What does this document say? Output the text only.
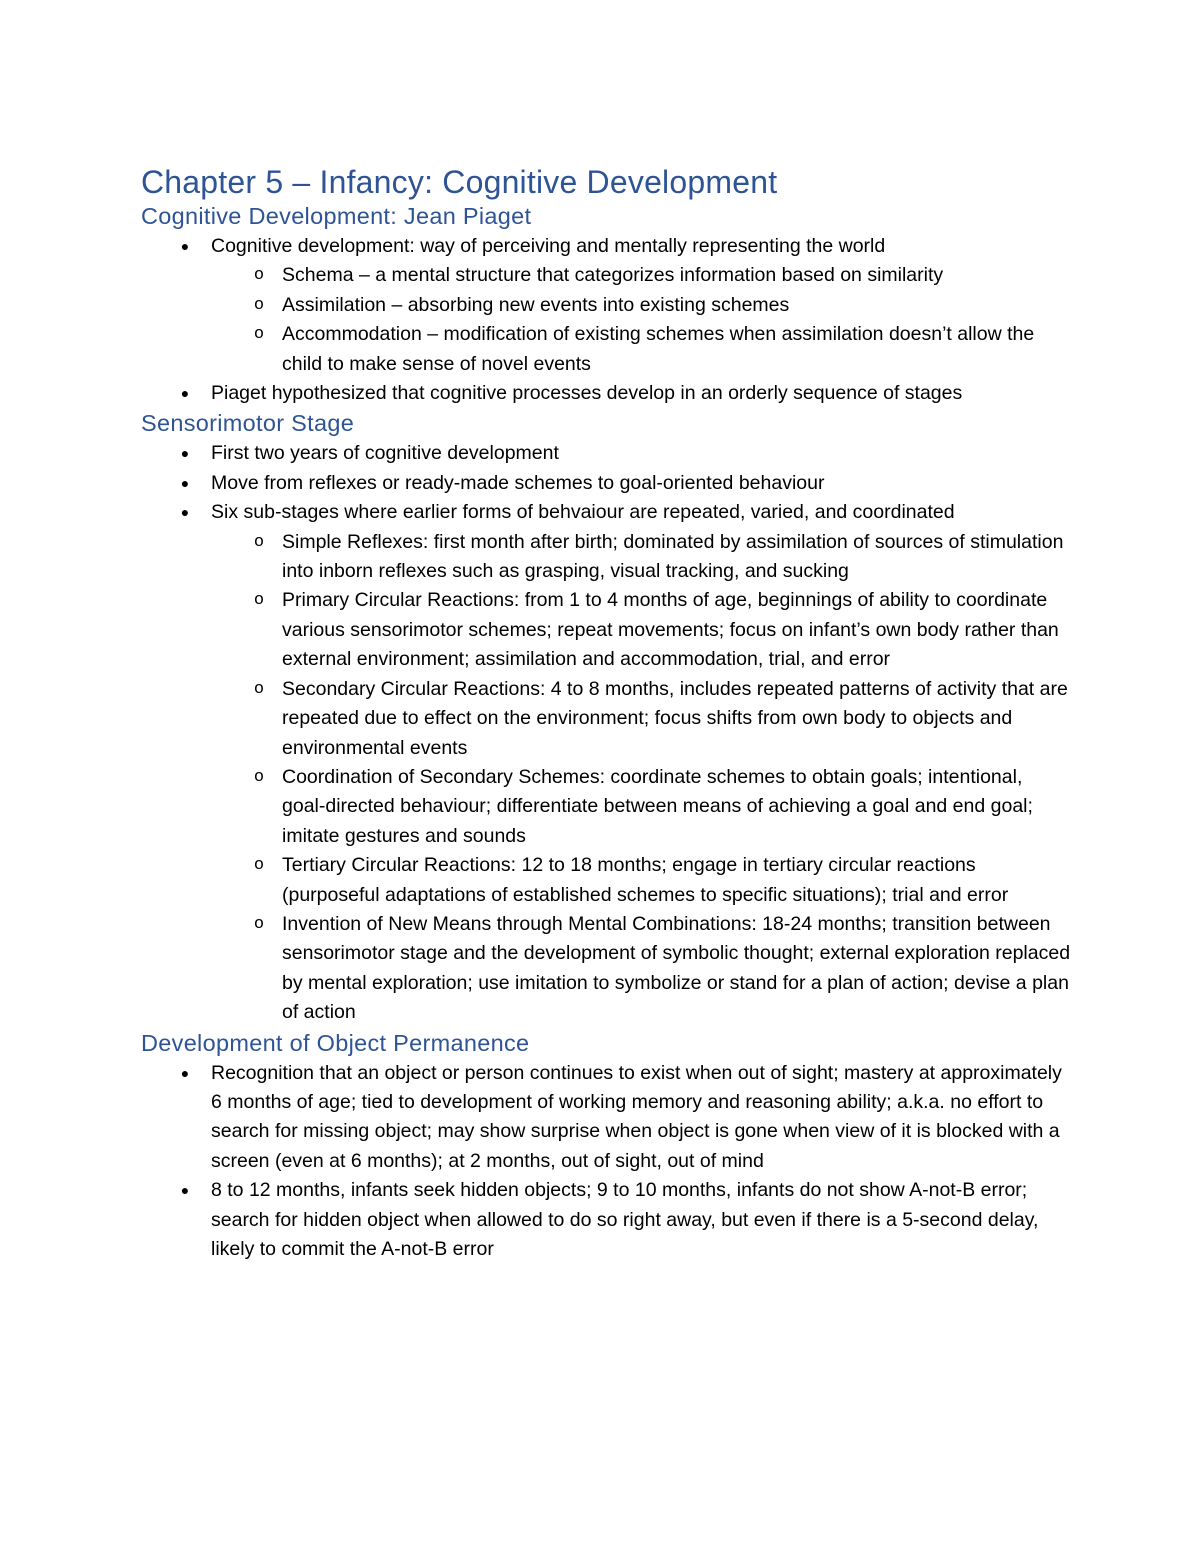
Chapter 5 – Infancy: Cognitive Development
Cognitive Development: Jean Piaget
● Cognitive development: way of perceiving and mentally representing the world
o Schema – a mental structure that categorizes information based on similarity
o Assimilation – absorbing new events into existing schemes
o Accommodation – modification of existing schemes when assimilation doesn’t allow the child to make sense of novel events
● Piaget hypothesized that cognitive processes develop in an orderly sequence of stages
Sensorimotor Stage
● First two years of cognitive development
● Move from reflexes or ready-made schemes to goal-oriented behaviour
● Six sub-stages where earlier forms of behvaiour are repeated, varied, and coordinated
o Simple Reflexes: first month after birth; dominated by assimilation of sources of stimulation into inborn reflexes such as grasping, visual tracking, and sucking
o Primary Circular Reactions: from 1 to 4 months of age, beginnings of ability to coordinate various sensorimotor schemes; repeat movements; focus on infant’s own body rather than external environment; assimilation and accommodation, trial, and error
o Secondary Circular Reactions: 4 to 8 months, includes repeated patterns of activity that are repeated due to effect on the environment; focus shifts from own body to objects and environmental events
o Coordination of Secondary Schemes: coordinate schemes to obtain goals; intentional, goal-directed behaviour; differentiate between means of achieving a goal and end goal; imitate gestures and sounds
o Tertiary Circular Reactions: 12 to 18 months; engage in tertiary circular reactions (purposeful adaptations of established schemes to specific situations); trial and error
o Invention of New Means through Mental Combinations: 18-24 months; transition between sensorimotor stage and the development of symbolic thought; external exploration replaced by mental exploration; use imitation to symbolize or stand for a plan of action; devise a plan of action
Development of Object Permanence
● Recognition that an object or person continues to exist when out of sight; mastery at approximately 6 months of age; tied to development of working memory and reasoning ability; a.k.a. no effort to search for missing object; may show surprise when object is gone when view of it is blocked with a screen (even at 6 months); at 2 months, out of sight, out of mind
● 8 to 12 months, infants seek hidden objects; 9 to 10 months, infants do not show A-not-B error; search for hidden object when allowed to do so right away, but even if there is a 5-second delay, likely to commit the A-not-B error
